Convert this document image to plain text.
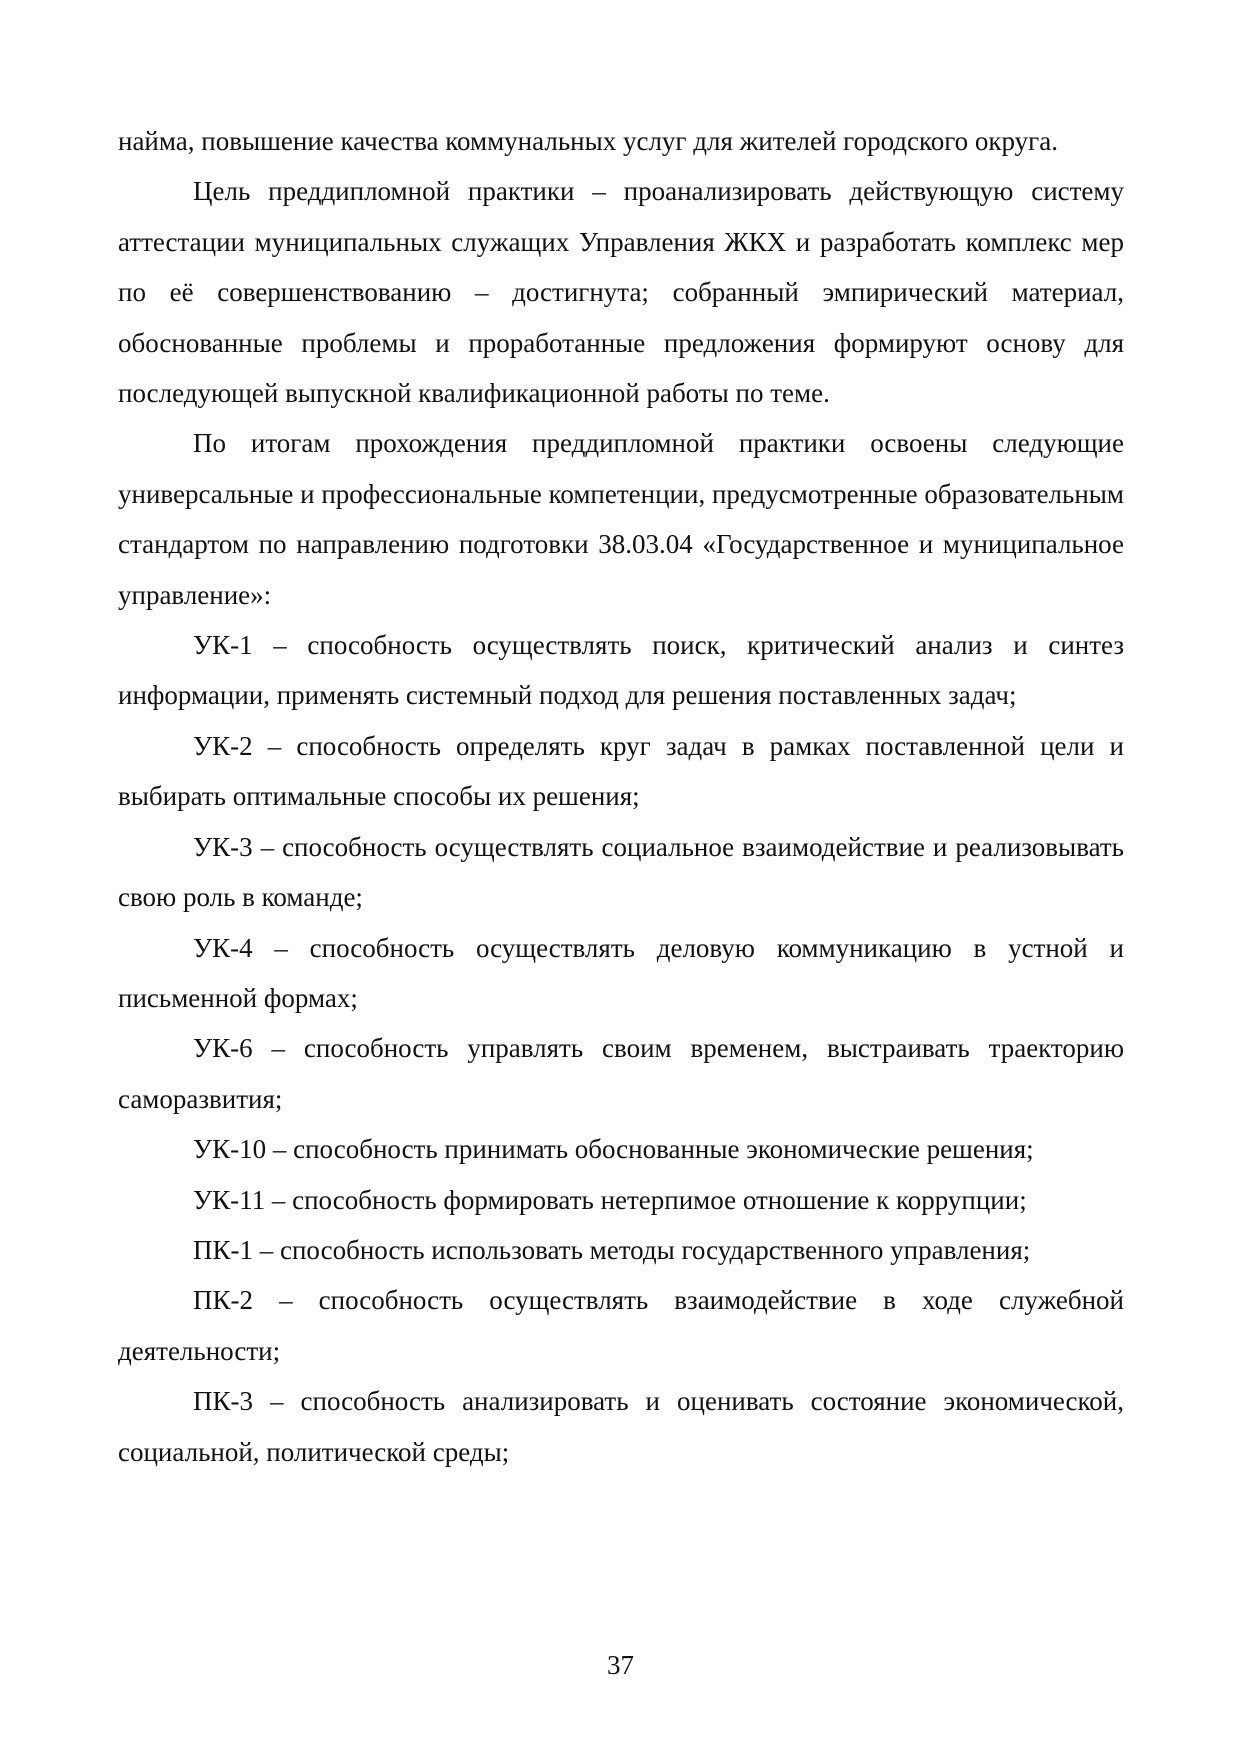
найма, повышение качества коммунальных услуг для жителей городского округа.

Цель преддипломной практики – проанализировать действующую систему аттестации муниципальных служащих Управления ЖКХ и разработать комплекс мер по её совершенствованию – достигнута; собранный эмпирический материал, обоснованные проблемы и проработанные предложения формируют основу для последующей выпускной квалификационной работы по теме.

По итогам прохождения преддипломной практики освоены следующие универсальные и профессиональные компетенции, предусмотренные образовательным стандартом по направлению подготовки 38.03.04 «Государственное и муниципальное управление»:

УК-1 – способность осуществлять поиск, критический анализ и синтез информации, применять системный подход для решения поставленных задач;

УК-2 – способность определять круг задач в рамках поставленной цели и выбирать оптимальные способы их решения;

УК-3 – способность осуществлять социальное взаимодействие и реализовывать свою роль в команде;

УК-4 – способность осуществлять деловую коммуникацию в устной и письменной формах;

УК-6 – способность управлять своим временем, выстраивать траекторию саморазвития;

УК-10 – способность принимать обоснованные экономические решения;

УК-11 – способность формировать нетерпимое отношение к коррупции;

ПК-1 – способность использовать методы государственного управления;

ПК-2 – способность осуществлять взаимодействие в ходе служебной деятельности;

ПК-3 – способность анализировать и оценивать состояние экономической, социальной, политической среды;

37
